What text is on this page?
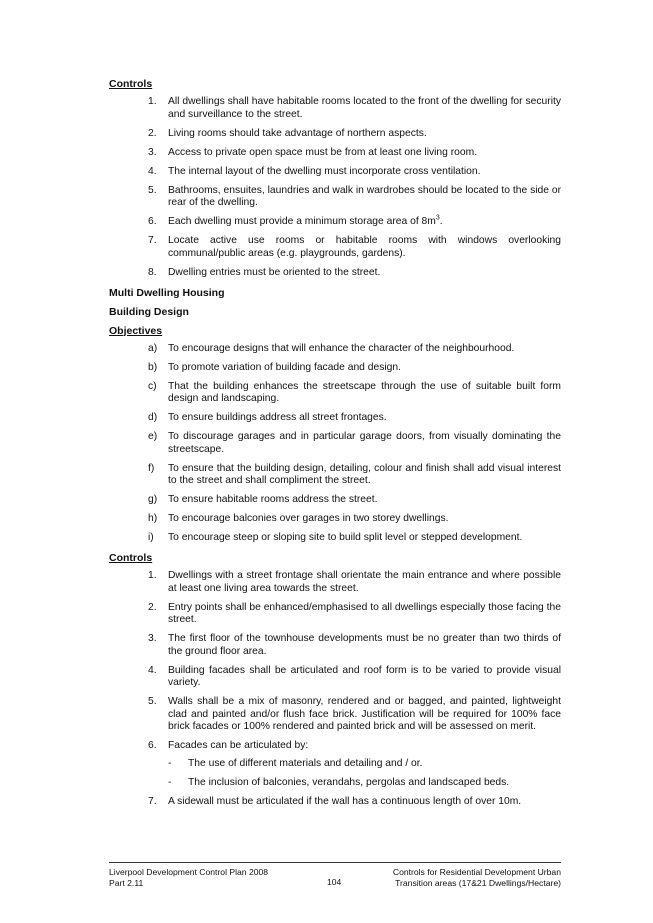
Controls
1.	All dwellings shall have habitable rooms located to the front of the dwelling for security and surveillance to the street.
2.	Living rooms should take advantage of northern aspects.
3.	Access to private open space must be from at least one living room.
4.	The internal layout of the dwelling must incorporate cross ventilation.
5.	Bathrooms, ensuites, laundries and walk in wardrobes should be located to the side or rear of the dwelling.
6.	Each dwelling must provide a minimum storage area of $8m^3$.
7.	Locate active use rooms or habitable rooms with windows overlooking communal/public areas (e.g. playgrounds, gardens).
8.	Dwelling entries must be oriented to the street.
Multi Dwelling Housing
Building Design
Objectives
a)	To encourage designs that will enhance the character of the neighbourhood.
b)	To promote variation of building facade and design.
c)	That the building enhances the streetscape through the use of suitable built form design and landscaping.
d)	To ensure buildings address all street frontages.
e)	To discourage garages and in particular garage doors, from visually dominating the streetscape.
f)	To ensure that the building design, detailing, colour and finish shall add visual interest to the street and shall compliment the street.
g)	To ensure habitable rooms address the street.
h)	To encourage balconies over garages in two storey dwellings.
i)	To encourage steep or sloping site to build split level or stepped development.
Controls
1.	Dwellings with a street frontage shall orientate the main entrance and where possible at least one living area towards the street.
2.	Entry points shall be enhanced/emphasised to all dwellings especially those facing the street.
3.	The first floor of the townhouse developments must be no greater than two thirds of the ground floor area.
4.	Building facades shall be articulated and roof form is to be varied to provide visual variety.
5.	Walls shall be a mix of masonry, rendered and or bagged, and painted, lightweight clad and painted and/or flush face brick. Justification will be required for 100% face brick facades or 100% rendered and painted brick and will be assessed on merit.
6.	Facades can be articulated by:
- The use of different materials and detailing and / or.
- The inclusion of balconies, verandahs, pergolas and landscaped beds.
7.	A sidewall must be articulated if the wall has a continuous length of over 10m.
Liverpool Development Control Plan 2008
Part 2.11	104
Controls for Residential Development Urban
Transition areas (17&21 Dwellings/Hectare)
